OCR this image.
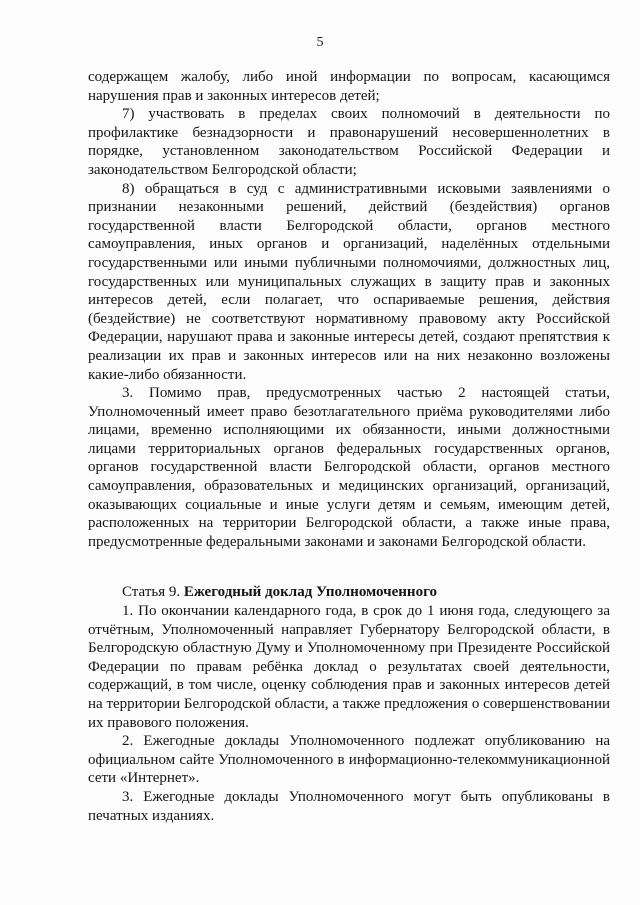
5

содержащем жалобу, либо иной информации по вопросам, касающимся нарушения прав и законных интересов детей;

7) участвовать в пределах своих полномочий в деятельности по профилактике безнадзорности и правонарушений несовершеннолетних в порядке, установленном законодательством Российской Федерации и законодательством Белгородской области;

8) обращаться в суд с административными исковыми заявлениями о признании незаконными решений, действий (бездействия) органов государственной власти Белгородской области, органов местного самоуправления, иных органов и организаций, наделённых отдельными государственными или иными публичными полномочиями, должностных лиц, государственных или муниципальных служащих в защиту прав и законных интересов детей, если полагает, что оспариваемые решения, действия (бездействие) не соответствуют нормативному правовому акту Российской Федерации, нарушают права и законные интересы детей, создают препятствия к реализации их прав и законных интересов или на них незаконно возложены какие-либо обязанности.

3. Помимо прав, предусмотренных частью 2 настоящей статьи, Уполномоченный имеет право безотлагательного приёма руководителями либо лицами, временно исполняющими их обязанности, иными должностными лицами территориальных органов федеральных государственных органов, органов государственной власти Белгородской области, органов местного самоуправления, образовательных и медицинских организаций, организаций, оказывающих социальные и иные услуги детям и семьям, имеющим детей, расположенных на территории Белгородской области, а также иные права, предусмотренные федеральными законами и законами Белгородской области.

Статья 9. Ежегодный доклад Уполномоченного

1. По окончании календарного года, в срок до 1 июня года, следующего за отчётным, Уполномоченный направляет Губернатору Белгородской области, в Белгородскую областную Думу и Уполномоченному при Президенте Российской Федерации по правам ребёнка доклад о результатах своей деятельности, содержащий, в том числе, оценку соблюдения прав и законных интересов детей на территории Белгородской области, а также предложения о совершенствовании их правового положения.

2. Ежегодные доклады Уполномоченного подлежат опубликованию на официальном сайте Уполномоченного в информационно-телекоммуникационной сети «Интернет».

3. Ежегодные доклады Уполномоченного могут быть опубликованы в печатных изданиях.
